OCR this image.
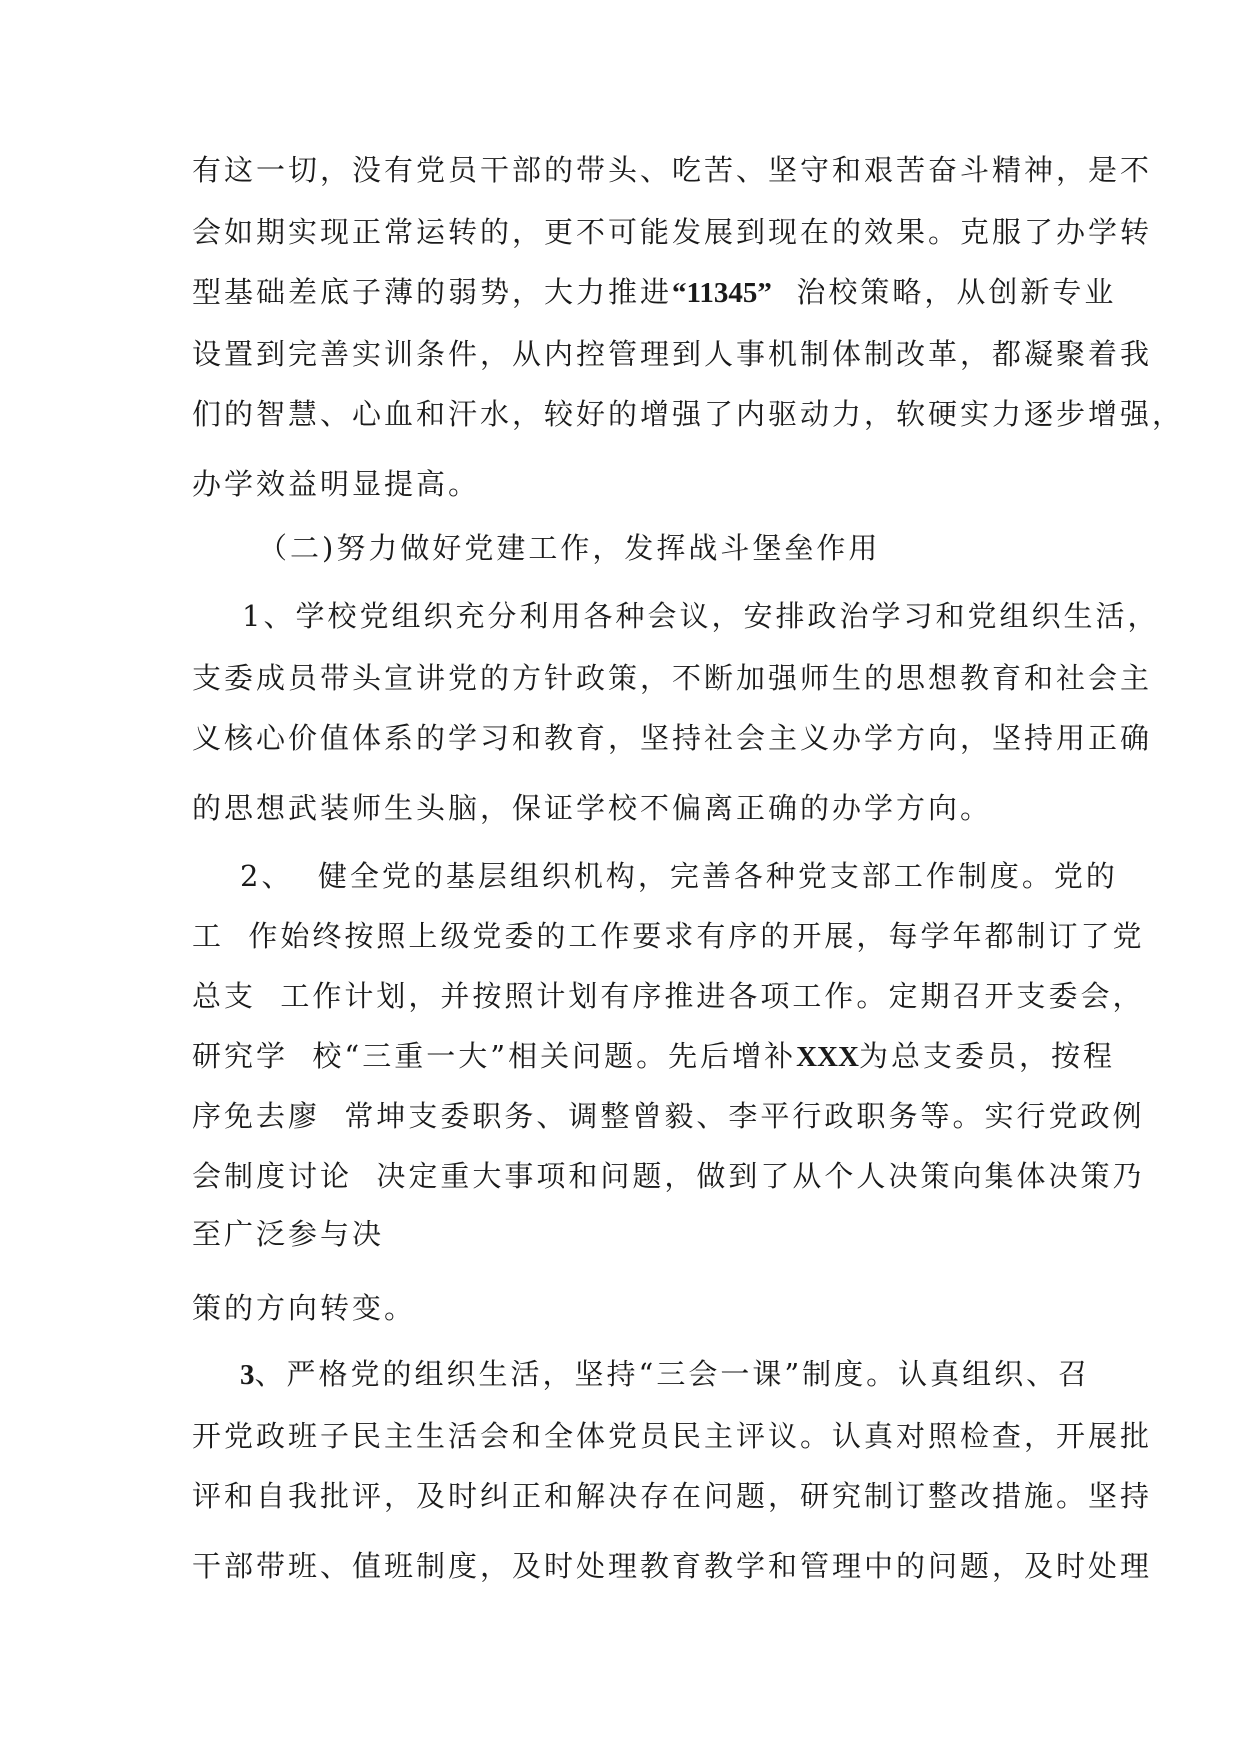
有这一切，没有党员干部的带头、吃苦、坚守和艰苦奋斗精神，是不
会如期实现正常运转的，更不可能发展到现在的效果。克服了办学转
型基础差底子薄的弱势，大力推进“11345”  治校策略，从创新专业
设置到完善实训条件，从内控管理到人事机制体制改革，都凝聚着我
们的智慧、心血和汗水，较好的增强了内驱动力，软硬实力逐步增强，
办学效益明显提高。
（二)努力做好党建工作，发挥战斗堡垒作用
1、学校党组织充分利用各种会议，安排政治学习和党组织生活，
支委成员带头宣讲党的方针政策，不断加强师生的思想教育和社会主
义核心价值体系的学习和教育，坚持社会主义办学方向，坚持用正确
的思想武装师生头脑，保证学校不偏离正确的办学方向。
2、  健全党的基层组织机构，完善各种党支部工作制度。党的
工  作始终按照上级党委的工作要求有序的开展，每学年都制订了党
总支  工作计划，并按照计划有序推进各项工作。定期召开支委会，
研究学  校“三重一大”相关问题。先后增补XXX为总支委员，按程
序免去廖  常坤支委职务、调整曾毅、李平行政职务等。实行党政例
会制度讨论  决定重大事项和问题，做到了从个人决策向集体决策乃
至广泛参与决
策的方向转变。
3、严格党的组织生活，坚持“三会一课”制度。认真组织、召
开党政班子民主生活会和全体党员民主评议。认真对照检查，开展批
评和自我批评，及时纠正和解决存在问题，研究制订整改措施。坚持
干部带班、值班制度，及时处理教育教学和管理中的问题，及时处理
